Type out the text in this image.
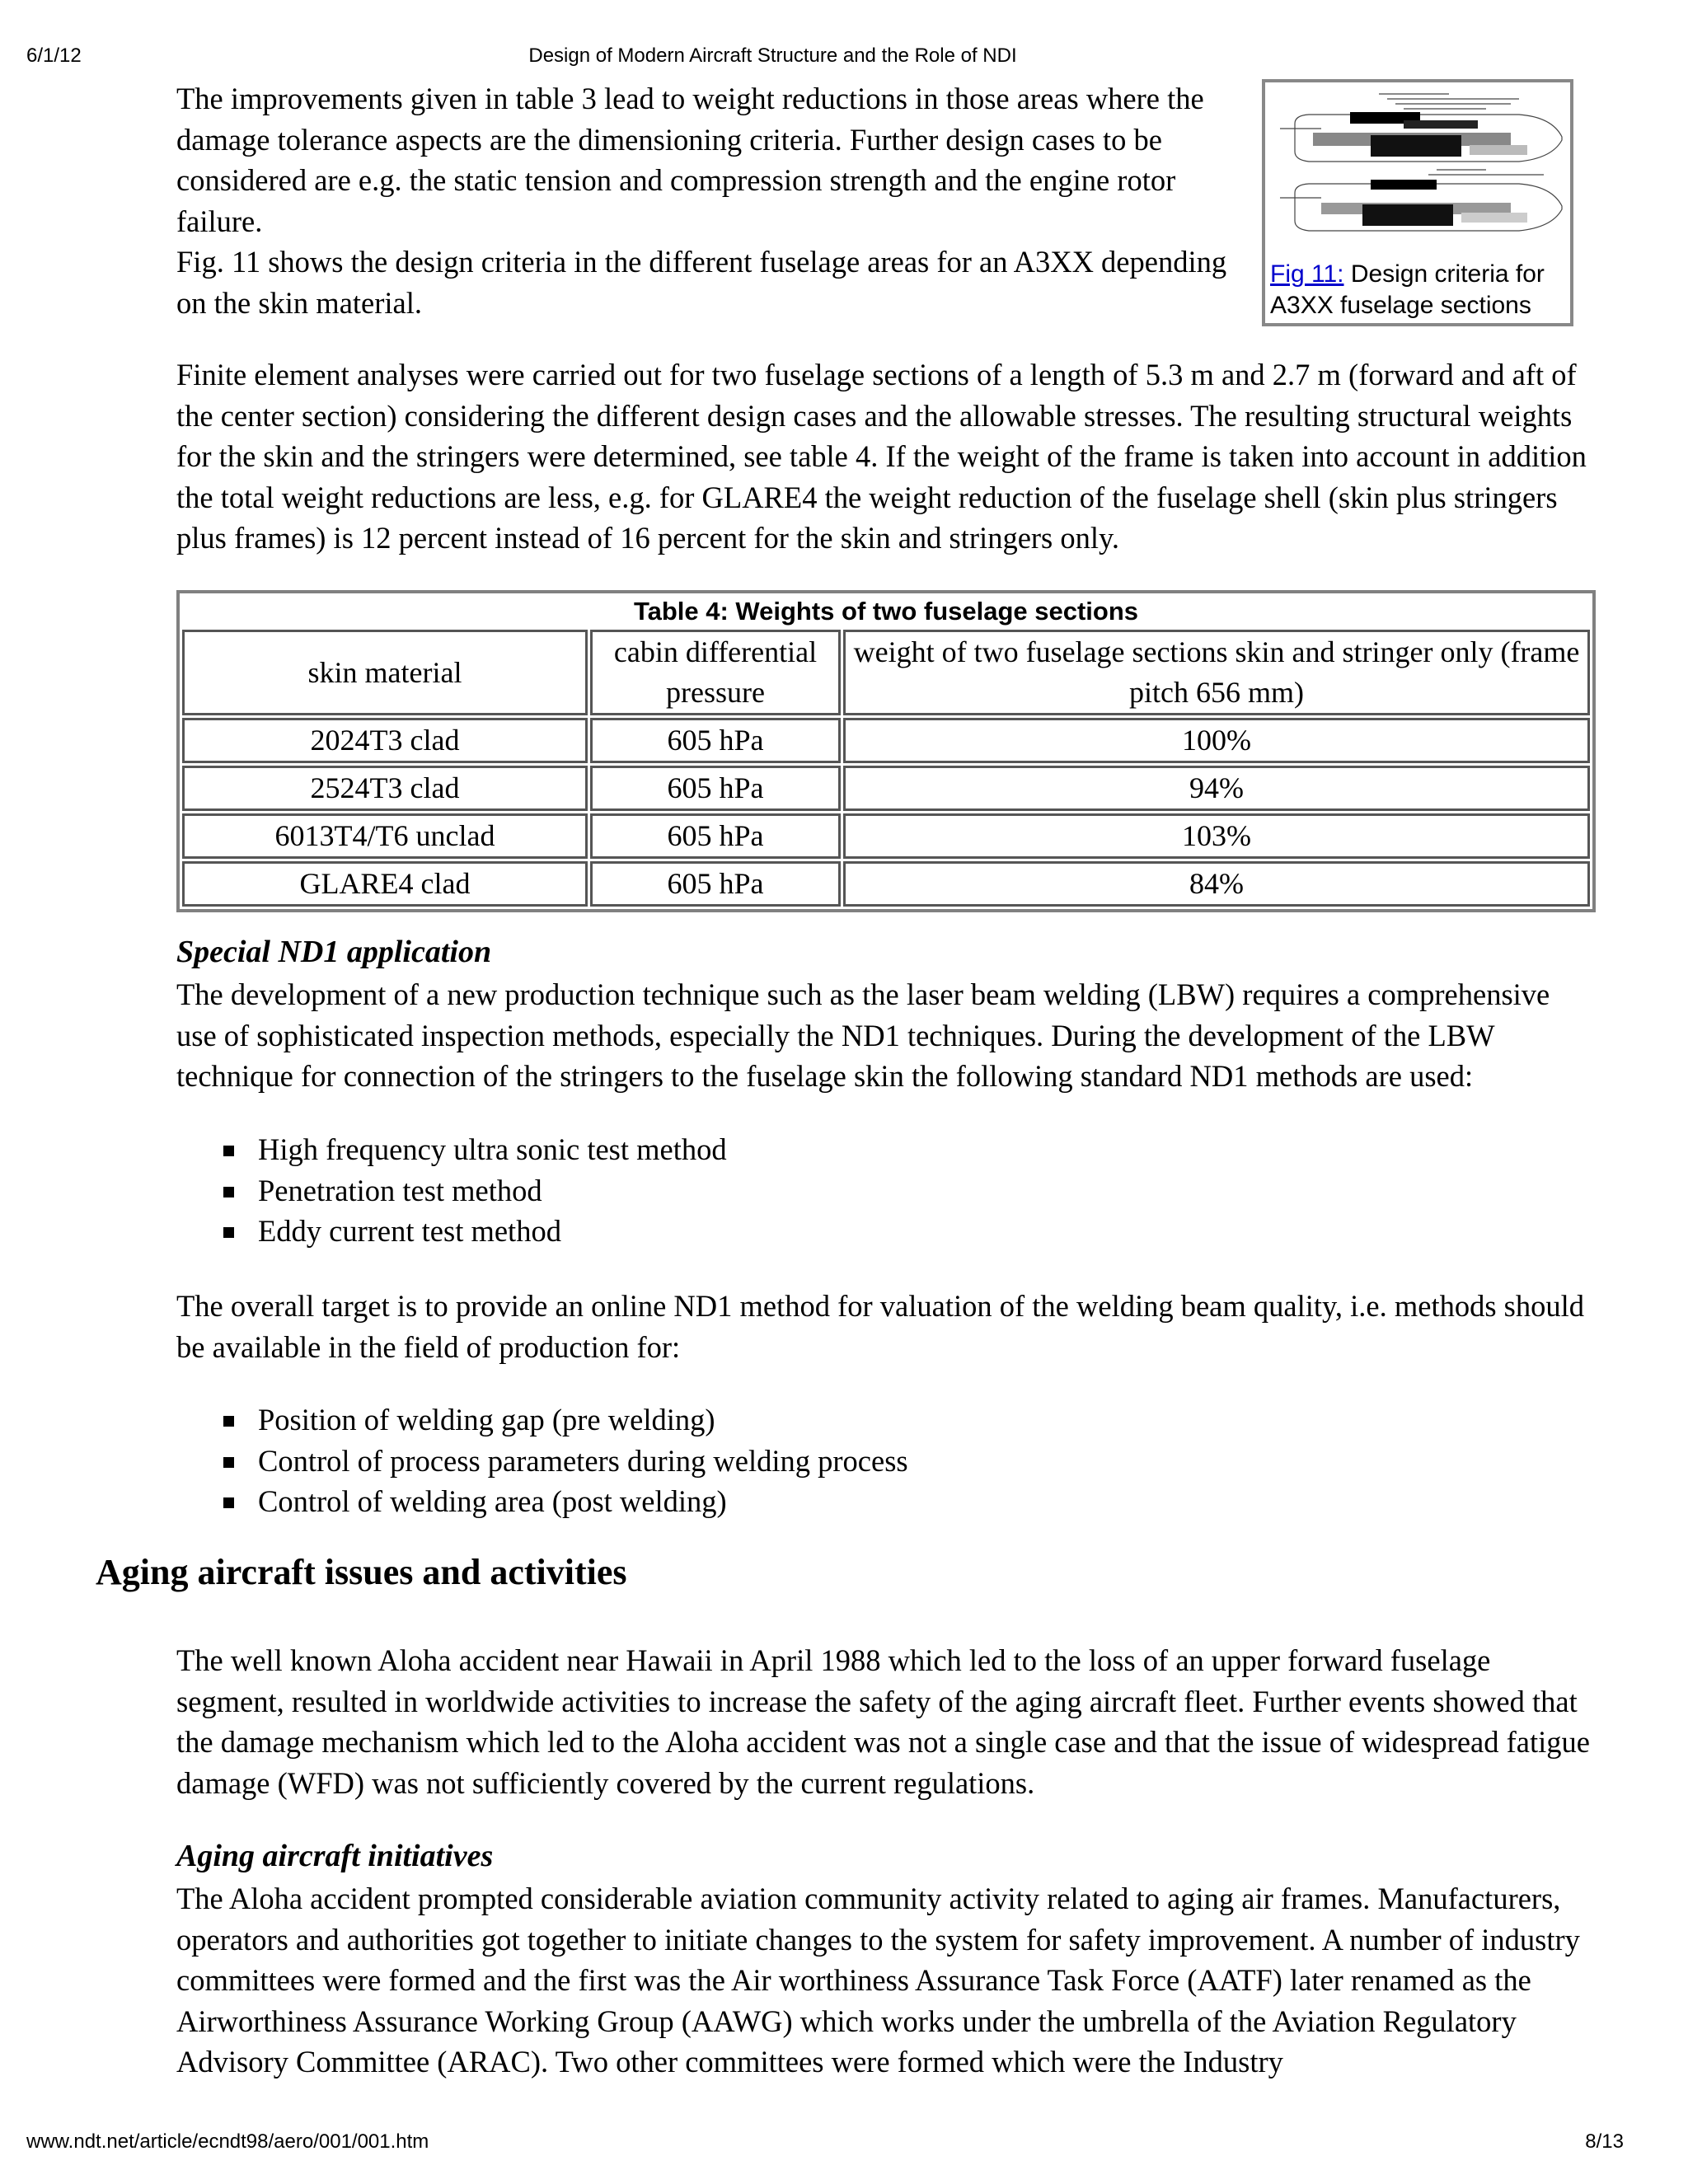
6/1/12	Design of Modern Aircraft Structure and the Role of NDI

The improvements given in table 3 lead to weight reductions in those areas where the damage tolerance aspects are the dimensioning criteria. Further design cases to be considered are e.g. the static tension and compression strength and the engine rotor failure.

Fig. 11 shows the design criteria in the different fuselage areas for an A3XX depending on the skin material.

Fig 11: Design criteria for A3XX fuselage sections

Finite element analyses were carried out for two fuselage sections of a length of 5.3 m and 2.7 m (forward and aft of the center section) considering the different design cases and the allowable stresses. The resulting structural weights for the skin and the stringers were determined, see table 4. If the weight of the frame is taken into account in addition the total weight reductions are less, e.g. for GLARE4 the weight reduction of the fuselage shell (skin plus stringers plus frames) is 12 percent instead of 16 percent for the skin and stringers only.

Table 4: Weights of two fuselage sections		
skin material	cabin differential pressure	weight of two fuselage sections skin and stringer only (frame pitch 656 mm)
2024T3 clad	605 hPa	100%
2524T3 clad	605 hPa	94%
6013T4/T6 unclad	605 hPa	103%
GLARE4 clad	605 hPa	84%
Special ND1 application

The development of a new production technique such as the laser beam welding (LBW) requires a comprehensive use of sophisticated inspection methods, especially the ND1 techniques. During the development of the LBW technique for connection of the stringers to the fuselage skin the following standard ND1 methods are used:

High frequency ultra sonic test method
Penetration test method
Eddy current test method

The overall target is to provide an online ND1 method for valuation of the welding beam quality, i.e. methods should be available in the field of production for:

Position of welding gap (pre welding)
Control of process parameters during welding process
Control of welding area (post welding)
Aging aircraft issues and activities

The well known Aloha accident near Hawaii in April 1988 which led to the loss of an upper forward fuselage segment, resulted in worldwide activities to increase the safety of the aging aircraft fleet. Further events showed that the damage mechanism which led to the Aloha accident was not a single case and that the issue of widespread fatigue damage (WFD) was not sufficiently covered by the current regulations.

Aging aircraft initiatives

The Aloha accident prompted considerable aviation community activity related to aging air frames. Manufacturers, operators and authorities got together to initiate changes to the system for safety improvement. A number of industry committees were formed and the first was the Air worthiness Assurance Task Force (AATF) later renamed as the Airworthiness Assurance Working Group (AAWG) which works under the umbrella of the Aviation Regulatory Advisory Committee (ARAC). Two other committees were formed which were the Industry

www.ndt.net/article/ecndt98/aero/001/001.htm	8/13
